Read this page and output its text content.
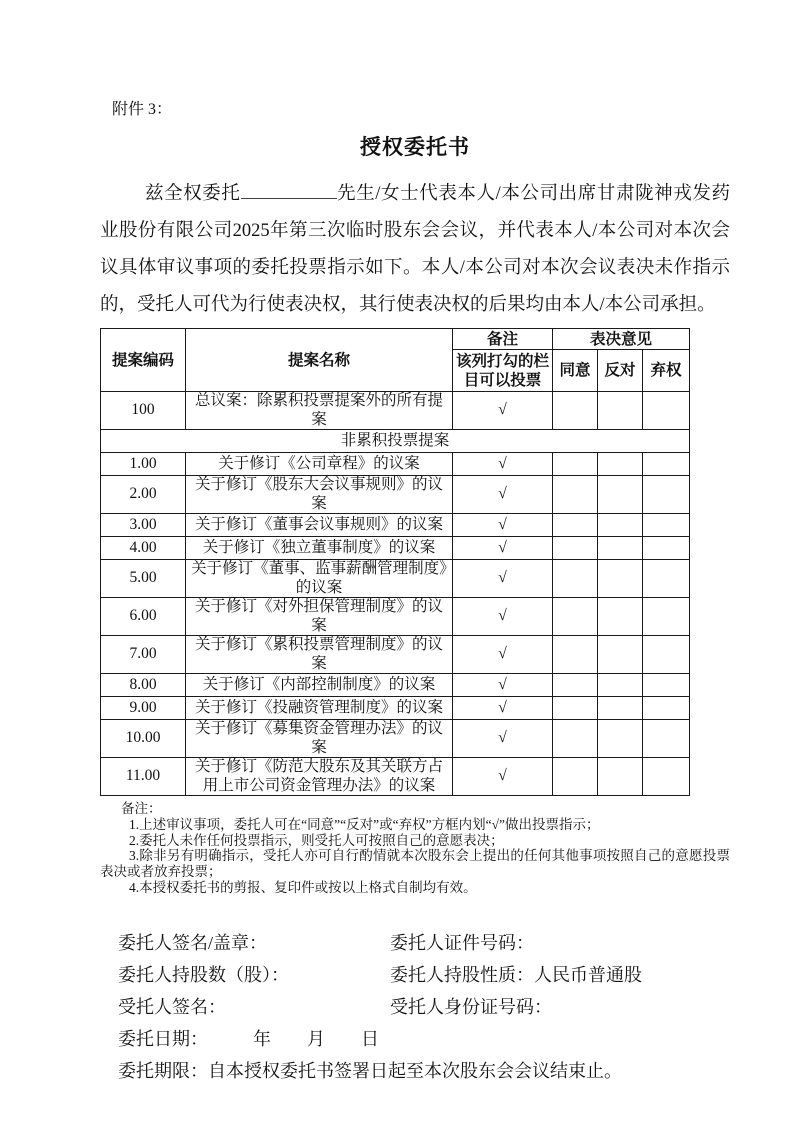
附件 3：

授权委托书

兹全权委托	先生/女士代表本人/本公司出席甘肃陇神戎发药业股份有限公司2025年第三次临时股东会会议，并代表本人/本公司对本次会议具体审议事项的委托投票指示如下。本人/本公司对本次会议表决未作指示的，受托人可代为行使表决权，其行使表决权的后果均由本人/本公司承担。

提案编码	提案名称	备注	表决意见		
		该列打勾的栏目可以投票	同意	反对	弃权
100	总议案：除累积投票提案外的所有提案	√			
非累积投票提案					
1.00	关于修订《公司章程》的议案	√			
2.00	关于修订《股东大会议事规则》的议案	√			
3.00	关于修订《董事会议事规则》的议案	√			
4.00	关于修订《独立董事制度》的议案	√			
5.00	关于修订《董事、监事薪酬管理制度》的议案	√			
6.00	关于修订《对外担保管理制度》的议案	√			
7.00	关于修订《累积投票管理制度》的议案	√			
8.00	关于修订《内部控制制度》的议案	√			
9.00	关于修订《投融资管理制度》的议案	√			
10.00	关于修订《募集资金管理办法》的议案	√			
11.00	关于修订《防范大股东及其关联方占用上市公司资金管理办法》的议案	√			

备注：

1.上述审议事项，委托人可在“同意”“反对”或“弃权”方框内划“√”做出投票指示；

2.委托人未作任何投票指示，则受托人可按照自己的意愿表决；

3.除非另有明确指示，受托人亦可自行酌情就本次股东会上提出的任何其他事项按照自己的意愿投票表决或者放弃投票；

4.本授权委托书的剪报、复印件或按以上格式自制均有效。

委托人签名/盖章：	委托人证件号码：
委托人持股数（股）：	委托人持股性质：人民币普通股
受托人签名：	受托人身份证号码：
委托日期：　　　年　　月　　日
委托期限：自本授权委托书签署日起至本次股东会会议结束止。
